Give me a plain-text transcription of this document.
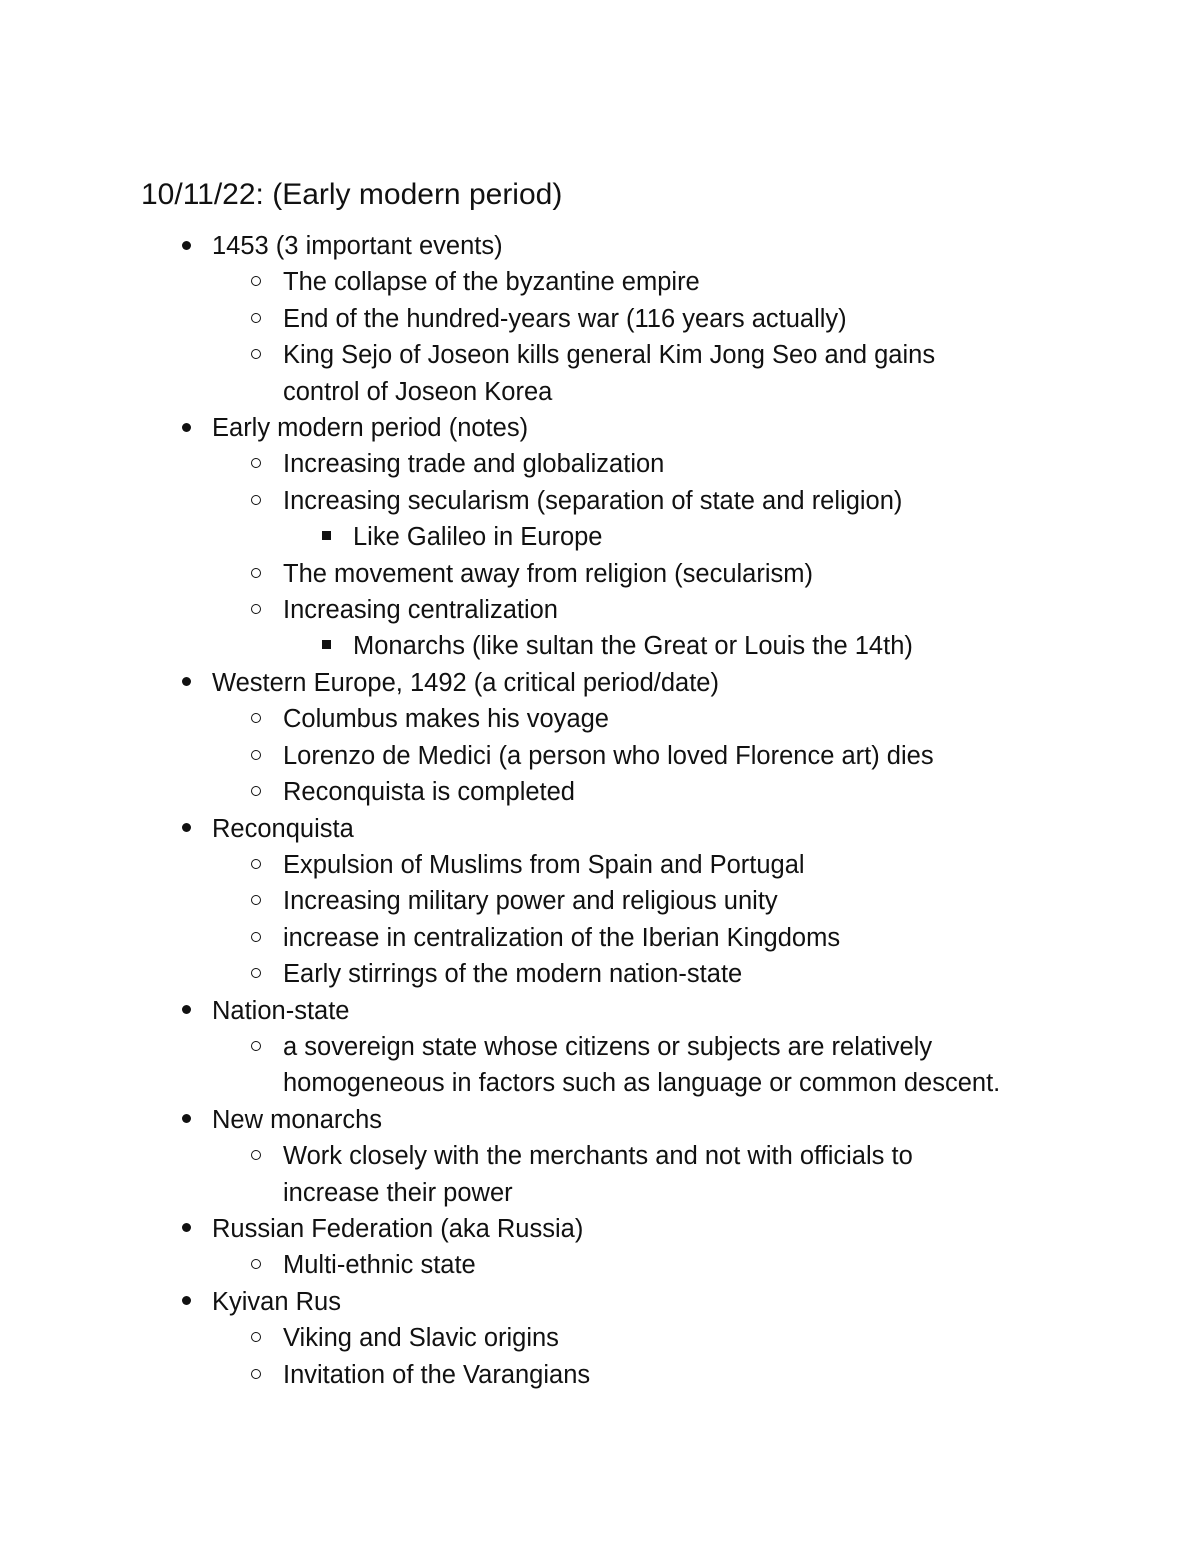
10/11/22: (Early modern period)
1453 (3 important events)
The collapse of the byzantine empire
End of the hundred-years war (116 years actually)
King Sejo of Joseon kills general Kim Jong Seo and gains
control of Joseon Korea
Early modern period (notes)
Increasing trade and globalization
Increasing secularism (separation of state and religion)
Like Galileo in Europe
The movement away from religion (secularism)
Increasing centralization
Monarchs (like sultan the Great or Louis the 14th)
Western Europe, 1492 (a critical period/date)
Columbus makes his voyage
Lorenzo de Medici (a person who loved Florence art) dies
Reconquista is completed
Reconquista
Expulsion of Muslims from Spain and Portugal
Increasing military power and religious unity
increase in centralization of the Iberian Kingdoms
Early stirrings of the modern nation-state
Nation-state
a sovereign state whose citizens or subjects are relatively
homogeneous in factors such as language or common descent.
New monarchs
Work closely with the merchants and not with officials to
increase their power
Russian Federation (aka Russia)
Multi-ethnic state
Kyivan Rus
Viking and Slavic origins
Invitation of the Varangians
